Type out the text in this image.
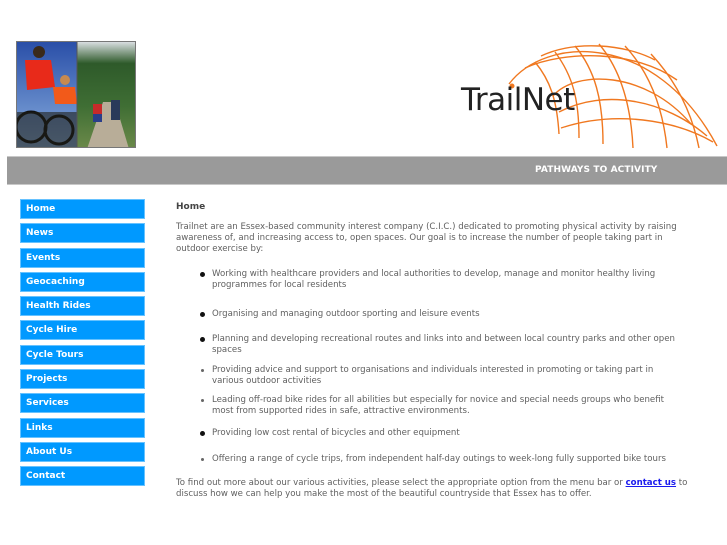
TrailNet
PATHWAYS TO ACTIVITY
Home
News
Events
Geocaching
Health Rides
Cycle Hire
Cycle Tours
Projects
Services
Links
About Us
Contact
Home

Trailnet are an Essex-based community interest company (C.I.C.) dedicated to promoting physical activity by raising awareness of, and increasing access to, open spaces. Our goal is to increase the number of people taking part in outdoor exercise by:

Working with healthcare providers and local authorities to develop, manage and monitor healthy living programmes for local residents
Organising and managing outdoor sporting and leisure events
Planning and developing recreational routes and links into and between local country parks and other open spaces
Providing advice and support to organisations and individuals interested in promoting or taking part in various outdoor activities
Leading off-road bike rides for all abilities but especially for novice and special needs groups who benefit most from supported rides in safe, attractive environments.
Providing low cost rental of bicycles and other equipment
Offering a range of cycle trips, from independent half-day outings to week-long fully supported bike tours

To find out more about our various activities, please select the appropriate option from the menu bar or contact us to discuss how we can help you make the most of the beautiful countryside that Essex has to offer.
